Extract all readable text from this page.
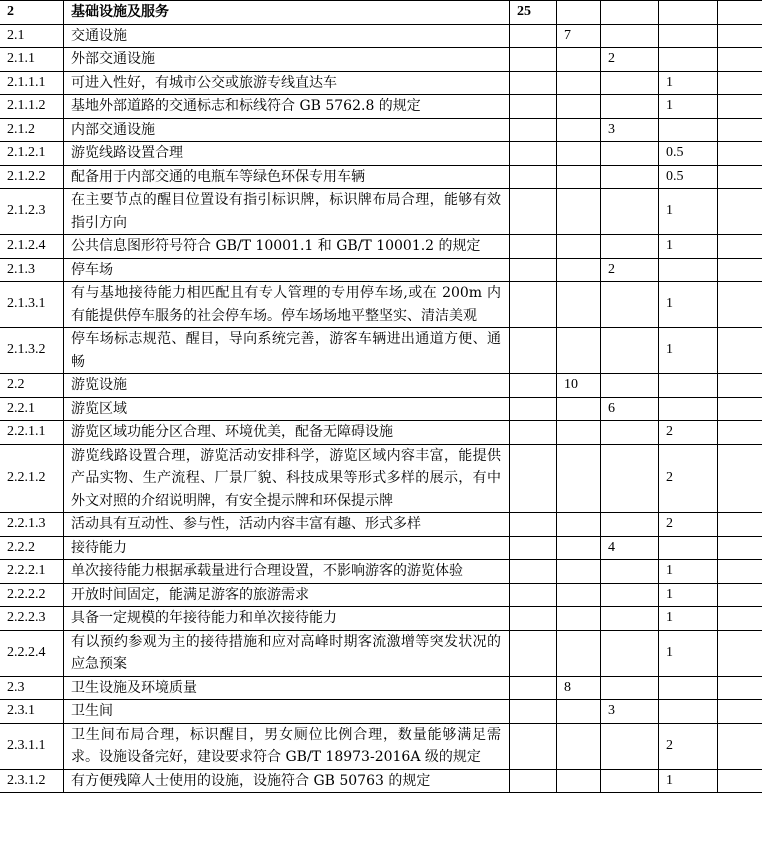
2	基础设施及服务	25				
2.1	交通设施		7			
2.1.1	外部交通设施			2		
2.1.1.1	可进入性好，有城市公交或旅游专线直达车				1	
2.1.1.2	基地外部道路的交通标志和标线符合 GB 5762.8 的规定				1	
2.1.2	内部交通设施			3		
2.1.2.1	游览线路设置合理				0.5	
2.1.2.2	配备用于内部交通的电瓶车等绿色环保专用车辆				0.5	
2.1.2.3	在主要节点的醒目位置设有指引标识牌，标识牌布局合理，能够有效指引方向				1	
2.1.2.4	公共信息图形符号符合 GB/T 10001.1 和 GB/T 10001.2 的规定				1	
2.1.3	停车场			2		
2.1.3.1	有与基地接待能力相匹配且有专人管理的专用停车场,或在 200m 内有能提供停车服务的社会停车场。停车场场地平整坚实、清洁美观				1	
2.1.3.2	停车场标志规范、醒目，导向系统完善，游客车辆进出通道方便、通畅				1	
2.2	游览设施		10			
2.2.1	游览区域			6		
2.2.1.1	游览区域功能分区合理、环境优美，配备无障碍设施				2	
2.2.1.2	游览线路设置合理，游览活动安排科学，游览区域内容丰富，能提供产品实物、生产流程、厂景厂貌、科技成果等形式多样的展示，有中外文对照的介绍说明牌，有安全提示牌和环保提示牌				2	
2.2.1.3	活动具有互动性、参与性，活动内容丰富有趣、形式多样				2	
2.2.2	接待能力			4		
2.2.2.1	单次接待能力根据承载量进行合理设置，不影响游客的游览体验				1	
2.2.2.2	开放时间固定，能满足游客的旅游需求				1	
2.2.2.3	具备一定规模的年接待能力和单次接待能力				1	
2.2.2.4	有以预约参观为主的接待措施和应对高峰时期客流激增等突发状况的应急预案				1	
2.3	卫生设施及环境质量		8			
2.3.1	卫生间			3		
2.3.1.1	卫生间布局合理，标识醒目，男女厕位比例合理，数量能够满足需求。设施设备完好，建设要求符合 GB/T 18973-2016A 级的规定				2	
2.3.1.2	有方便残障人士使用的设施，设施符合 GB 50763 的规定				1	
